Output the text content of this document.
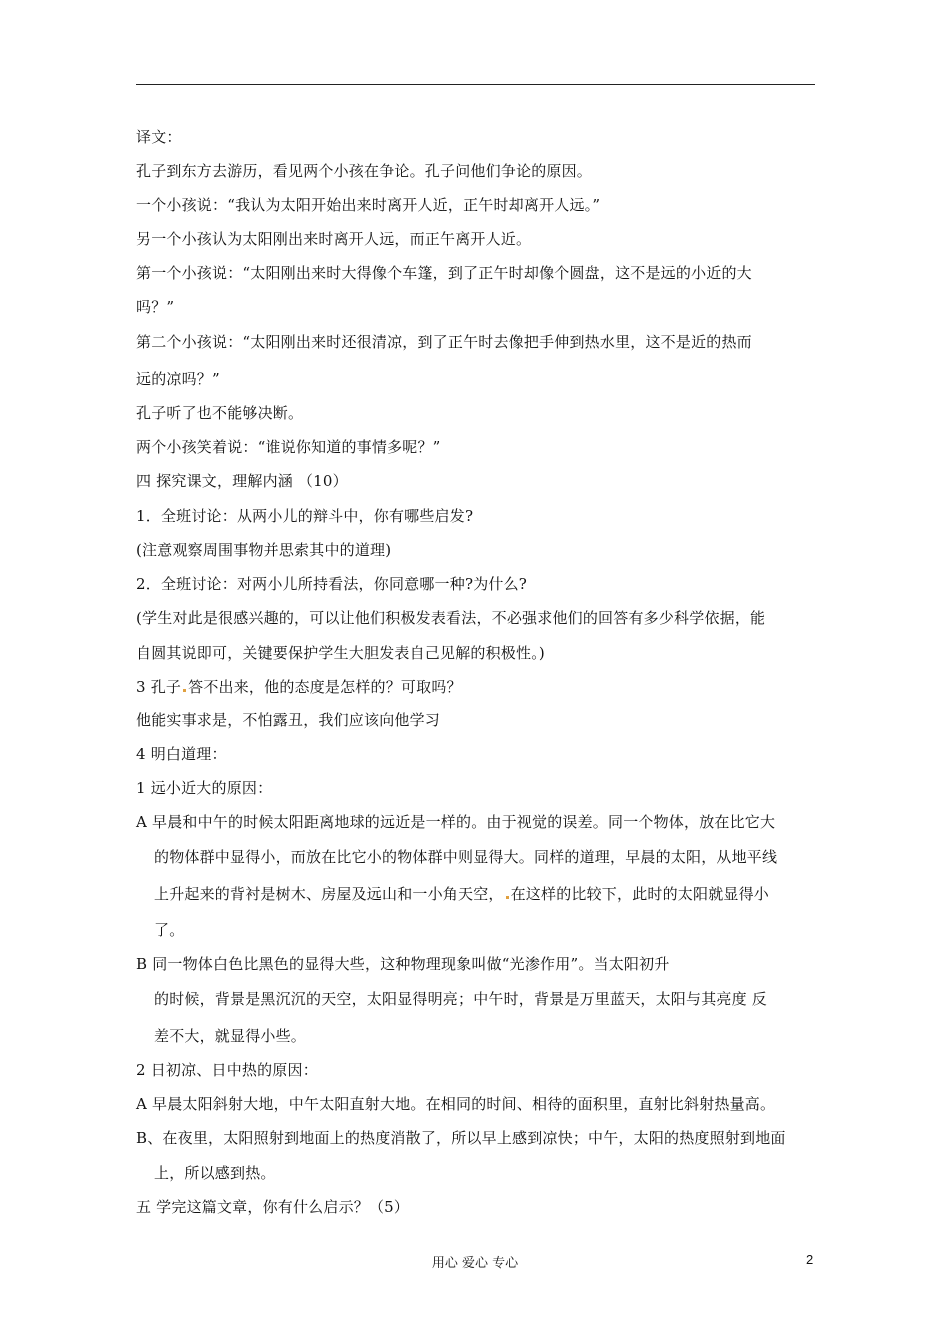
译文：
孔子到东方去游历，看见两个小孩在争论。孔子问他们争论的原因。
一个小孩说：“我认为太阳开始出来时离开人近，正午时却离开人远。”
另一个小孩认为太阳刚出来时离开人远，而正午离开人近。
第一个小孩说：“太阳刚出来时大得像个车篷，到了正午时却像个圆盘，这不是远的小近的大
吗？”
第二个小孩说：“太阳刚出来时还很清凉，到了正午时去像把手伸到热水里，这不是近的热而
远的凉吗？”
孔子听了也不能够决断。
两个小孩笑着说：“谁说你知道的事情多呢？”
四 探究课文，理解内涵 （10）
1．全班讨论：从两小儿的辩斗中，你有哪些启发?
(注意观察周围事物并思索其中的道理)
2．全班讨论：对两小儿所持看法，你同意哪一种?为什么?
(学生对此是很感兴趣的，可以让他们积极发表看法，不必强求他们的回答有多少科学依据，能
自圆其说即可，关键要保护学生大胆发表自己见解的积极性。)
3 孔子 答不出来，他的态度是怎样的？可取吗？
他能实事求是，不怕露丑，我们应该向他学习
4 明白道理：
1 远小近大的原因：
A 早晨和中午的时候太阳距离地球的远近是一样的。由于视觉的误差。同一个物体，放在比它大
的物体群中显得小，而放在比它小的物体群中则显得大。同样的道理，早晨的太阳，从地平线
上升起来的背衬是树木、房屋及远山和一小角天空， 在这样的比较下，此时的太阳就显得小
了。
B 同一物体白色比黑色的显得大些，这种物理现象叫做“光渗作用”。当太阳初升
的时候，背景是黑沉沉的天空，太阳显得明亮；中午时，背景是万里蓝天，太阳与其亮度 反
差不大，就显得小些。
2 日初凉、日中热的原因：
A 早晨太阳斜射大地，中午太阳直射大地。在相同的时间、相待的面积里，直射比斜射热量高。
B、在夜里，太阳照射到地面上的热度消散了，所以早上感到凉快；中午，太阳的热度照射到地面
上，所以感到热。
五 学完这篇文章，你有什么启示？（5）
用心 爱心 专心	2
